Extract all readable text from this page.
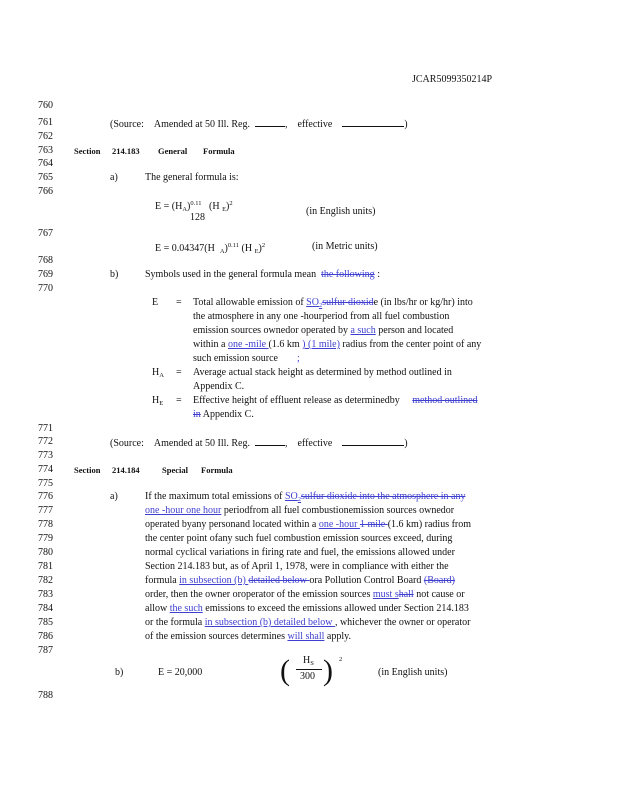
JCAR5099350214P
760
761
762
763
764
765
766
767
768
769
770
771
772
773
774
775
776
777
778
779
780
781
782
783
784
785
786
787
788
(Source: Amended at 50 Ill. Reg.	,    effective	)
Section 214.183 General Formula
a)	The general formula is:
$E = (H_A)^{0.11}$ (H $_E$)$^2$
128
(in English units)
E = 0.04347(H $_A$)$^{0.11}$ (H $_E$)$^2$	(in Metric units)
b)	Symbols used in the general formula mean the following :
E = Total allowable emission of $SO_2sulfur$ dioxide (in lbs/hr or kg/hr) into
the atmosphere in any one -hourperiod from all fuel combustion
emission sources ownedor operated by a such person and located
within a one -mile (1.6 km ) (1 mile) radius from the center point of any
such emission source ;
$H_A$ = Average actual stack height as determined by method outlined in
Appendix C.
$H_E$ = Effective height of effluent release as determinedby method outlined
in Appendix C.
(Source: Amended at 50 Ill. Reg.	,    effective	)
Section 214.184	Special Formula
a)	If the maximum total emissions of $SO_2sulfur$ dioxide into the atmosphere in any
one -hour one hour periodfrom all fuel combustionemission sources ownedor
operated byany personand located within a one -hour 1 mile (1.6 km) radius from
the center point ofany such fuel combustion emission sources exceed, during
normal cyclical variations in firing rate and fuel, the emissions allowed under
Section 214.183 but, as of April 1, 1978, were in compliance with either the
formula in subsection (b) detailed below ora Pollution Control Board (Board)
order, then the owner oroperator of the emission sources must shall not cause or
allow the such emissions to exceed the emissions allowed under Section 214.183
or the formula in subsection (b) detailed below , whichever the owner or operator
of the emission sources determines will shall apply.
b)	E = 20,000	( $H_S$
300 ) 2
(in English units)
